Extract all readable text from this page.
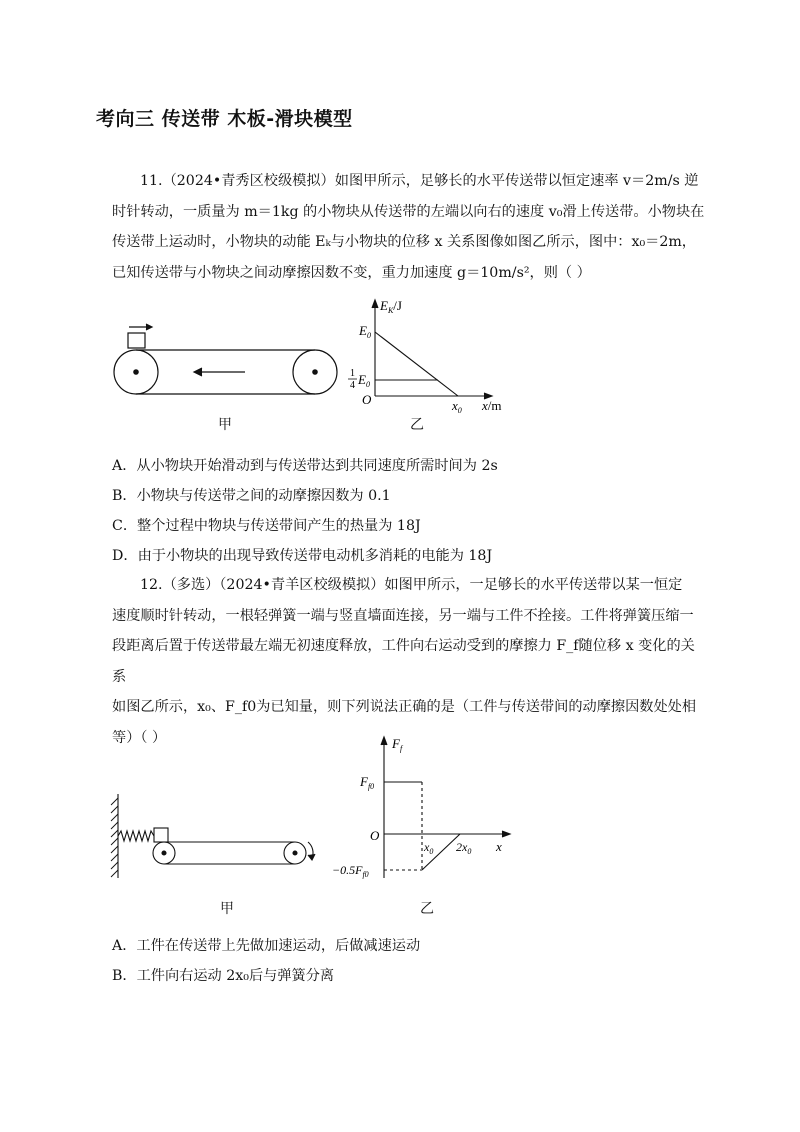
考向三 传送带 木板-滑块模型

11.（2024•青秀区校级模拟）如图甲所示，足够长的水平传送带以恒定速率 v＝2m/s 逆
时针转动，一质量为 m＝1kg 的小物块从传送带的左端以向右的速度 v₀滑上传送带。小物块在
传送带上运动时，小物块的动能 Eₖ与小物块的位移 x 关系图像如图乙所示，图中：x₀＝2m，
已知传送带与小物块之间动摩擦因数不变，重力加速度 g＝10m/s²，则（ ）

甲
$E_K/J$
$E_0$
1
4 $E_0$
O	$x_0$ x/m
乙
A．从小物块开始滑动到与传送带达到共同速度所需时间为 2s
B．小物块与传送带之间的动摩擦因数为 0.1
C．整个过程中物块与传送带间产生的热量为 18J
D．由于小物块的出现导致传送带电动机多消耗的电能为 18J

12.（多选）（2024•青羊区校级模拟）如图甲所示，一足够长的水平传送带以某一恒定
速度顺时针转动，一根轻弹簧一端与竖直墙面连接，另一端与工件不拴接。工件将弹簧压缩一
段距离后置于传送带最左端无初速度释放，工件向右运动受到的摩擦力 F_f随位移 x 变化的关系
如图乙所示，x₀、F_f0为已知量，则下列说法正确的是（工件与传送带间的动摩擦因数处处相
等）（ ）

甲
$F_f$
$F_{f0}$
O
$x_0$ $2x_0$ x
$-0.5F_{f0}$
乙
A．工件在传送带上先做加速运动，后做减速运动
B．工件向右运动 2x₀后与弹簧分离
